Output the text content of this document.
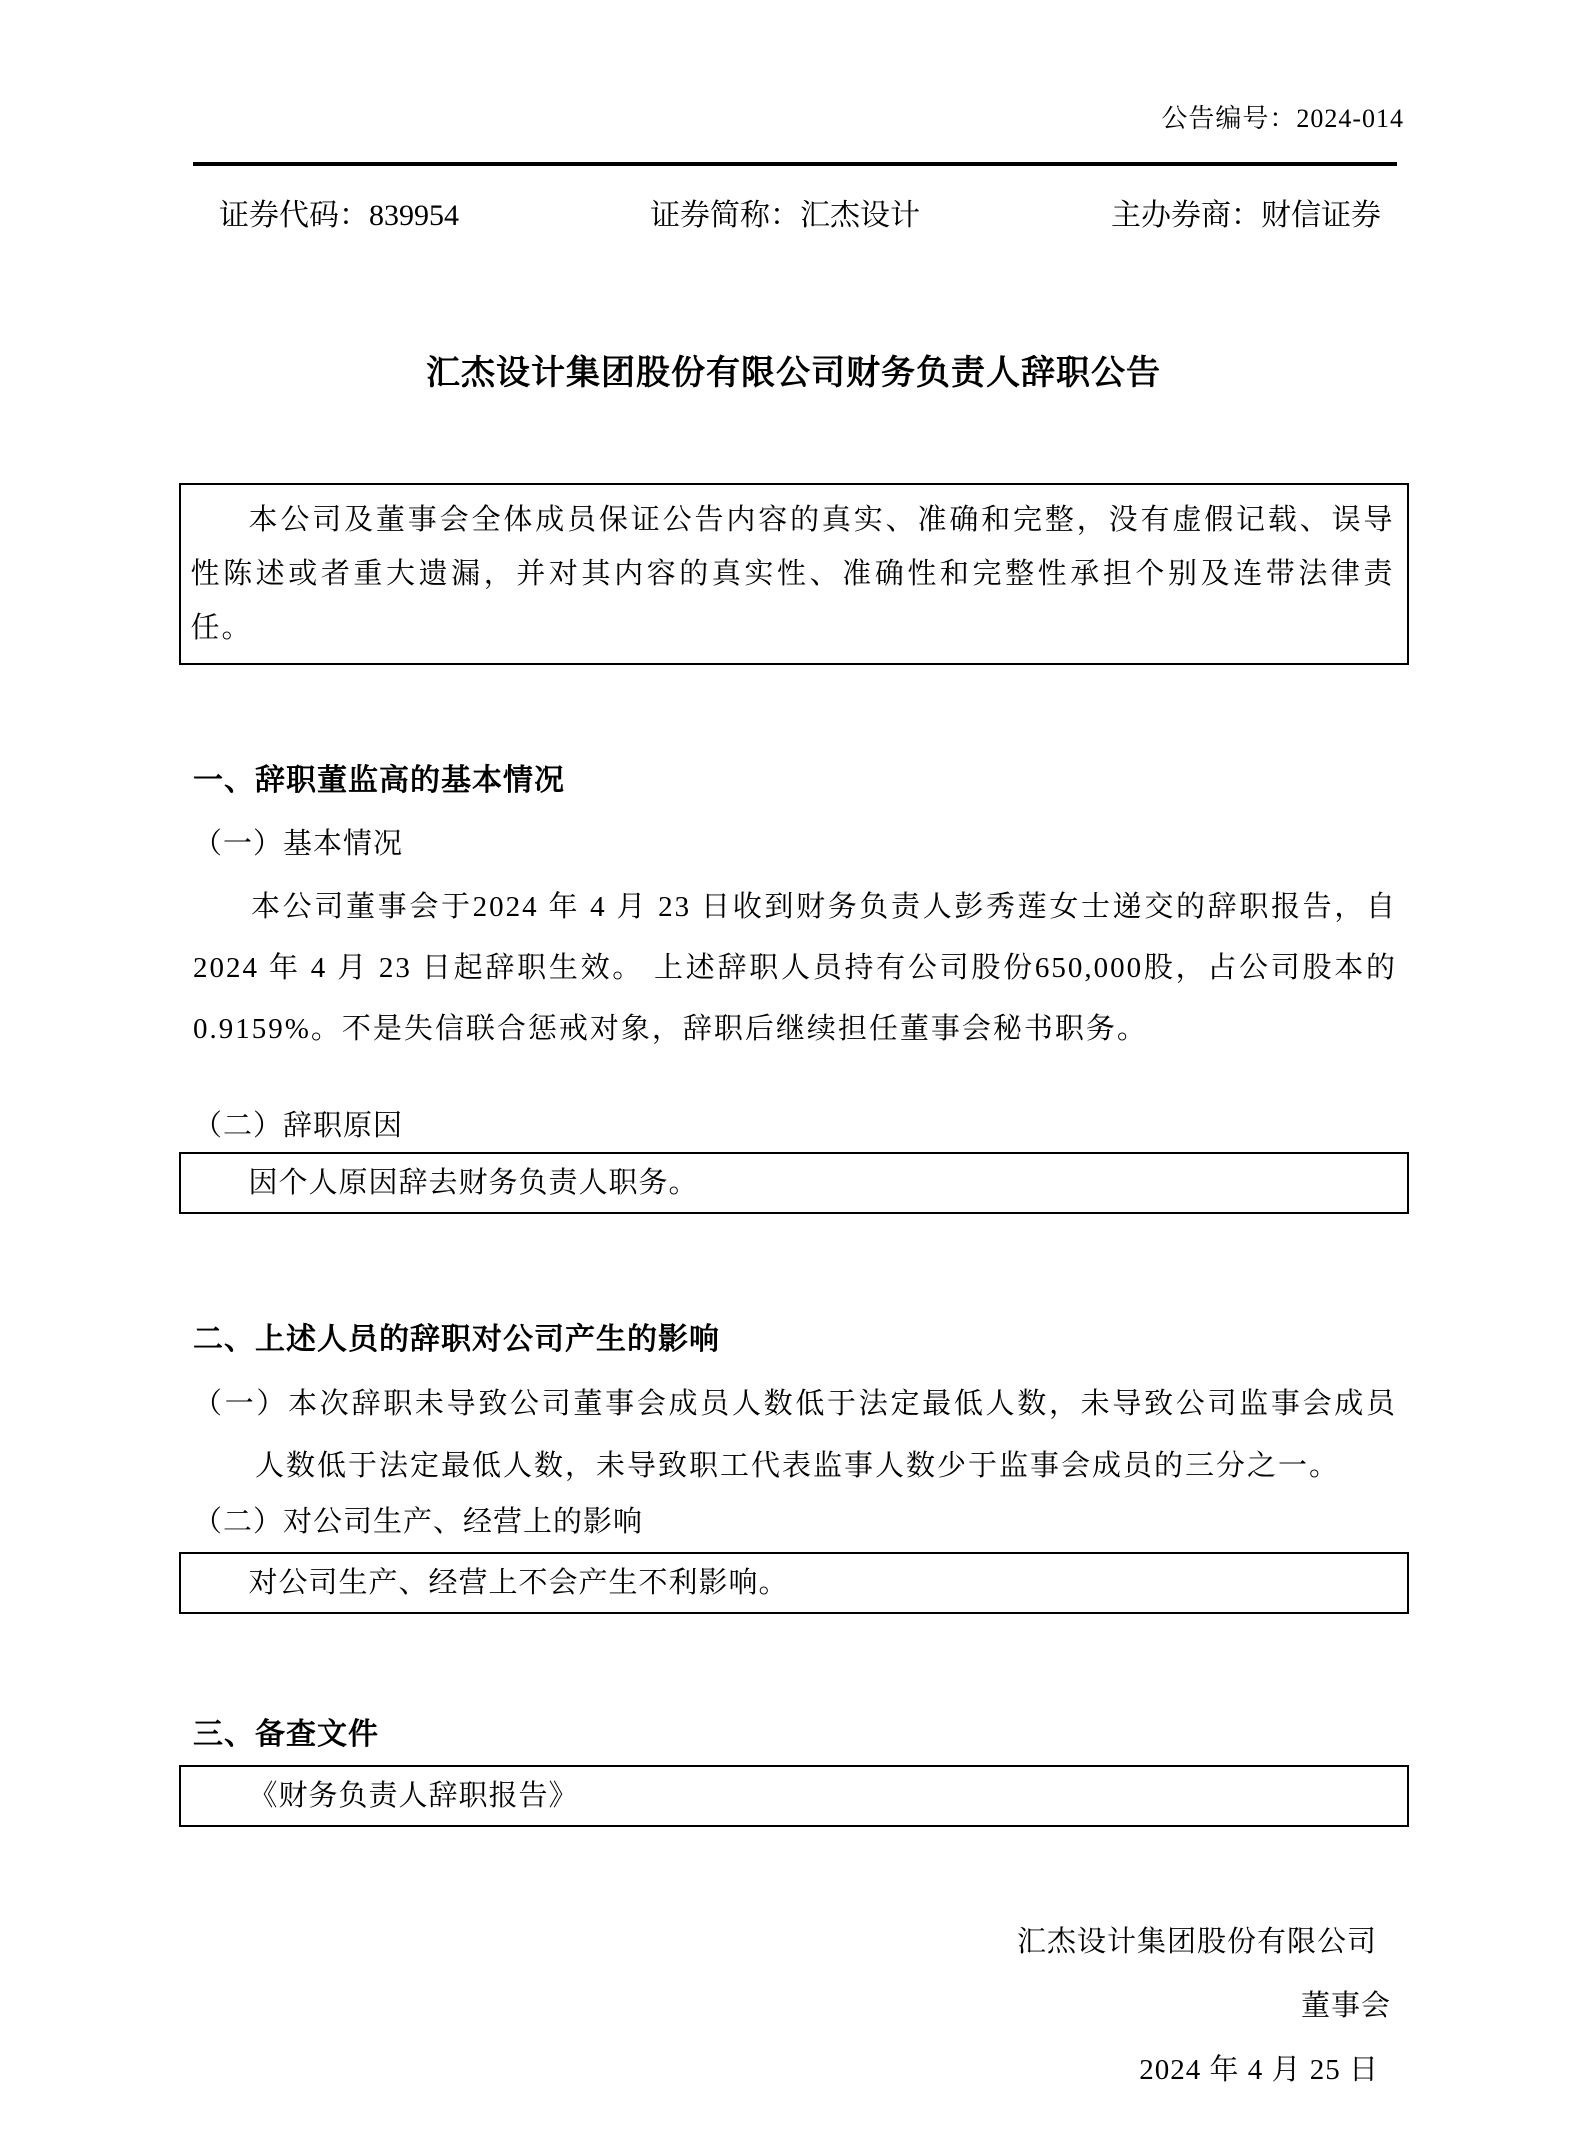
公告编号：2024-014
证券代码：839954	证券简称：汇杰设计	主办券商：财信证券
汇杰设计集团股份有限公司财务负责人辞职公告

本公司及董事会全体成员保证公告内容的真实、准确和完整，没有虚假记载、误导性陈述或者重大遗漏，并对其内容的真实性、准确性和完整性承担个别及连带法律责任。

一、辞职董监高的基本情况

（一）基本情况

本公司董事会于2024 年 4 月 23 日收到财务负责人彭秀莲女士递交的辞职报告，自2024 年 4 月 23 日起辞职生效。 上述辞职人员持有公司股份650,000股，占公司股本的0.9159%。不是失信联合惩戒对象，辞职后继续担任董事会秘书职务。

（二）辞职原因

因个人原因辞去财务负责人职务。

二、上述人员的辞职对公司产生的影响

（一）本次辞职未导致公司董事会成员人数低于法定最低人数，未导致公司监事会成员人数低于法定最低人数，未导致职工代表监事人数少于监事会成员的三分之一。

（二）对公司生产、经营上的影响

对公司生产、经营上不会产生不利影响。

三、备查文件

《财务负责人辞职报告》

汇杰设计集团股份有限公司

董事会

2024 年 4 月 25 日
